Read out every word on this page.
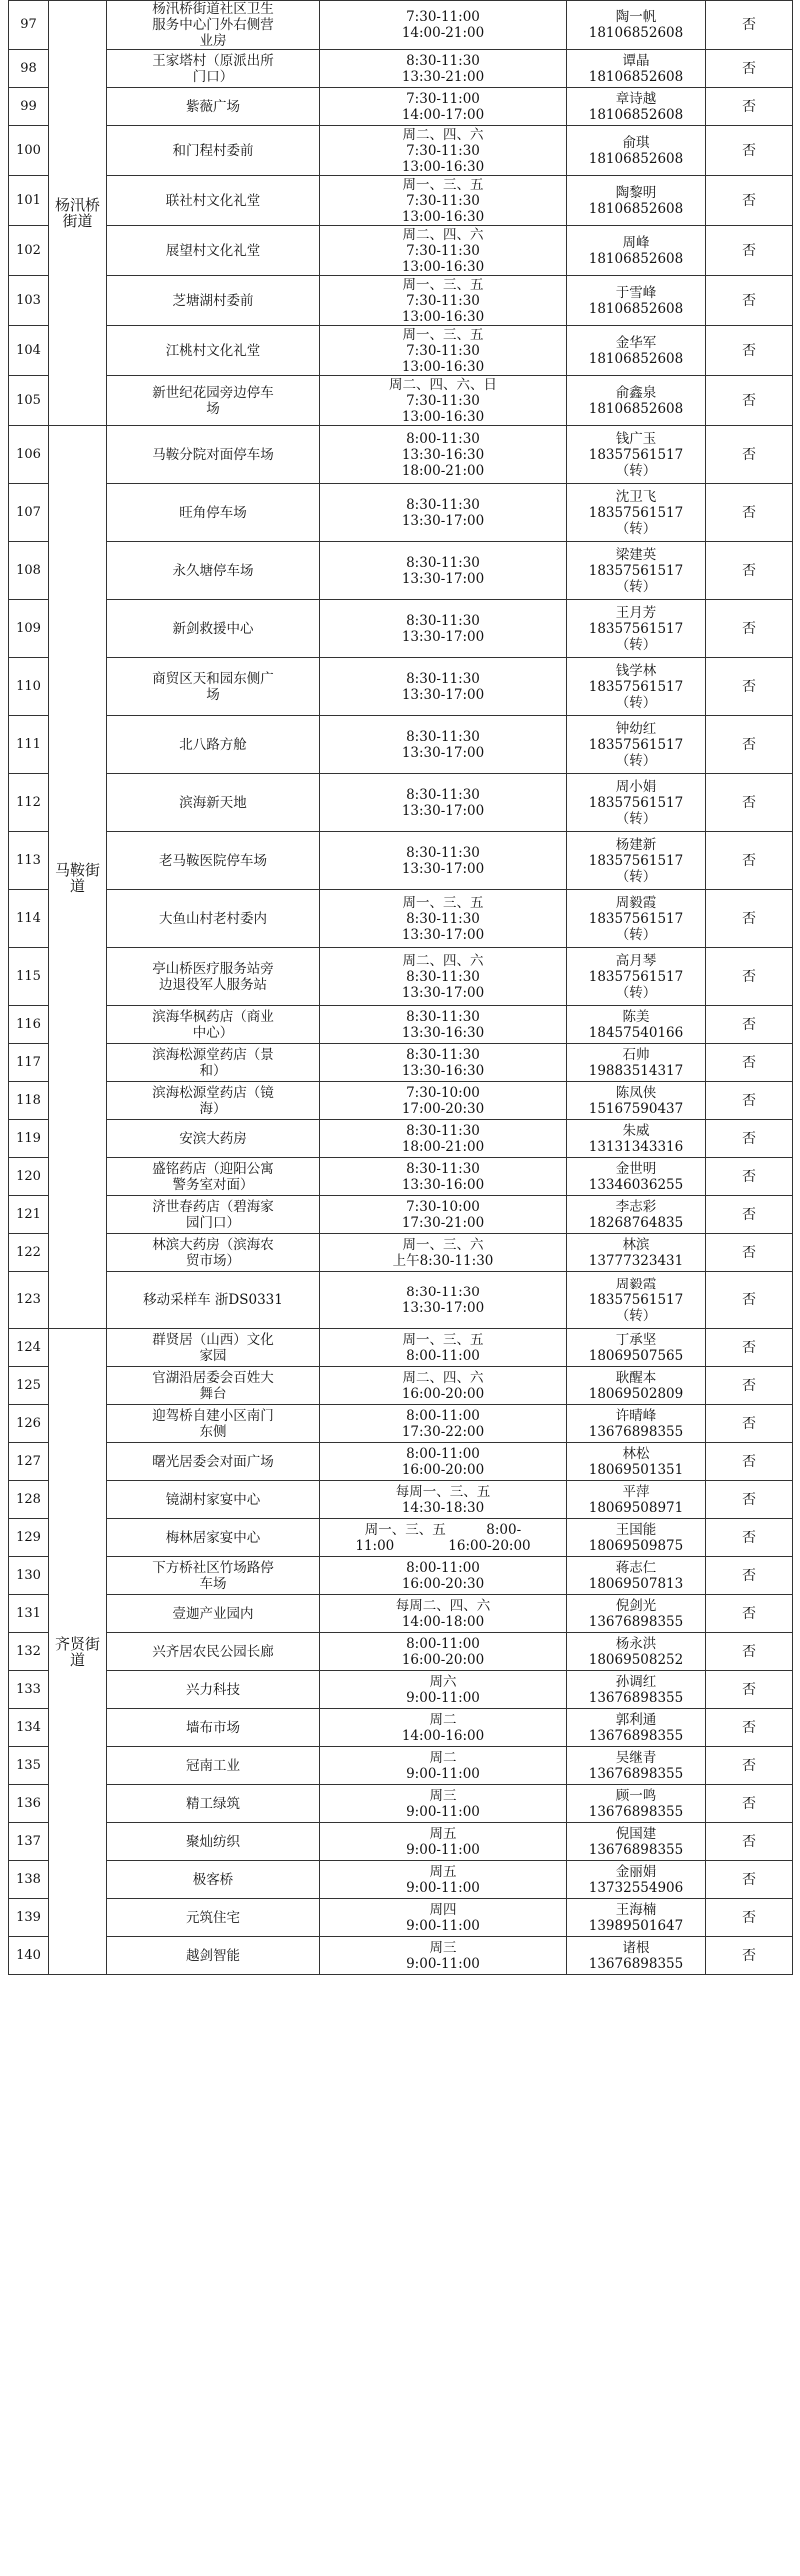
97	杨汛桥
街道	杨汛桥街道社区卫生
服务中心门外右侧营
业房	7:30-11:00
14:00-21:00	陶一帆
18106852608	否
98		王家塔村（原派出所
门口）	8:30-11:30
13:30-21:00	谭晶
18106852608	否
99		紫薇广场	7:30-11:00
14:00-17:00	章诗越
18106852608	否
100		和门程村委前	周二、四、六
7:30-11:30
13:00-16:30	俞琪
18106852608	否
101		联社村文化礼堂	周一、三、五
7:30-11:30
13:00-16:30	陶黎明
18106852608	否
102		展望村文化礼堂	周二、四、六
7:30-11:30
13:00-16:30	周峰
18106852608	否
103		芝塘湖村委前	周一、三、五
7:30-11:30
13:00-16:30	于雪峰
18106852608	否
104		江桃村文化礼堂	周一、三、五
7:30-11:30
13:00-16:30	金华军
18106852608	否
105		新世纪花园旁边停车
场	周二、四、六、日
7:30-11:30
13:00-16:30	俞鑫泉
18106852608	否
106	马鞍街
道	马鞍分院对面停车场	8:00-11:30
13:30-16:30
18:00-21:00	钱广玉
18357561517
（转）	否
107		旺角停车场	8:30-11:30
13:30-17:00	沈卫飞
18357561517
（转）	否
108		永久塘停车场	8:30-11:30
13:30-17:00	梁建英
18357561517
（转）	否
109		新剑救援中心	8:30-11:30
13:30-17:00	王月芳
18357561517
（转）	否
110		商贸区天和园东侧广
场	8:30-11:30
13:30-17:00	钱学林
18357561517
（转）	否
111		北八路方舱	8:30-11:30
13:30-17:00	钟幼红
18357561517
（转）	否
112		滨海新天地	8:30-11:30
13:30-17:00	周小娟
18357561517
（转）	否
113		老马鞍医院停车场	8:30-11:30
13:30-17:00	杨建新
18357561517
（转）	否
114		大鱼山村老村委内	周一、三、五
8:30-11:30
13:30-17:00	周毅霞
18357561517
（转）	否
115		亭山桥医疗服务站旁
边退役军人服务站	周二、四、六
8:30-11:30
13:30-17:00	高月琴
18357561517
（转）	否
116		滨海华枫药店（商业
中心）	8:30-11:30
13:30-16:30	陈美
18457540166	否
117		滨海松源堂药店（景
和）	8:30-11:30
13:30-16:30	石帅
19883514317	否
118		滨海松源堂药店（镜
海）	7:30-10:00
17:00-20:30	陈凤侠
15167590437	否
119		安滨大药房	8:30-11:30
18:00-21:00	朱威
13131343316	否
120		盛铭药店（迎阳公寓
警务室对面）	8:30-11:30
13:30-16:00	金世明
13346036255	否
121		济世春药店（碧海家
园门口）	7:30-10:00
17:30-21:00	李志彩
18268764835	否
122		林滨大药房（滨海农
贸市场）	周一、三、六
上午8:30-11:30	林滨
13777323431	否
123		移动采样车 浙DS0331	8:30-11:30
13:30-17:00	周毅霞
18357561517
（转）	否
124	齐贤街
道	群贤居（山西）文化
家园	周一、三、五
8:00-11:00	丁承坚
18069507565	否
125		官湖沿居委会百姓大
舞台	周二、四、六
16:00-20:00	耿醒本
18069502809	否
126		迎驾桥自建小区南门
东侧	8:00-11:00
17:30-22:00	许晴峰
13676898355	否
127		曙光居委会对面广场	8:00-11:00
16:00-20:00	林松
18069501351	否
128		镜湖村家宴中心	每周一、三、五
14:30-18:30	平萍
18069508971	否
129		梅林居家宴中心	周一、三、五　　　8:00-
11:00　　　　16:00-20:00	王国能
18069509875	否
130		下方桥社区竹场路停
车场	8:00-11:00
16:00-20:30	蒋志仁
18069507813	否
131		壹迦产业园内	每周二、四、六
14:00-18:00	倪剑光
13676898355	否
132		兴齐居农民公园长廊	8:00-11:00
16:00-20:00	杨永洪
18069508252	否
133		兴力科技	周六
9:00-11:00	孙调红
13676898355	否
134		墙布市场	周二
14:00-16:00	郭利通
13676898355	否
135		冠南工业	周二
9:00-11:00	吴继青
13676898355	否
136		精工绿筑	周三
9:00-11:00	顾一鸣
13676898355	否
137		聚灿纺织	周五
9:00-11:00	倪国建
13676898355	否
138		极客桥	周五
9:00-11:00	金丽娟
13732554906	否
139		元筑住宅	周四
9:00-11:00	王海楠
13989501647	否
140		越剑智能	周三
9:00-11:00	诸根
13676898355	否
